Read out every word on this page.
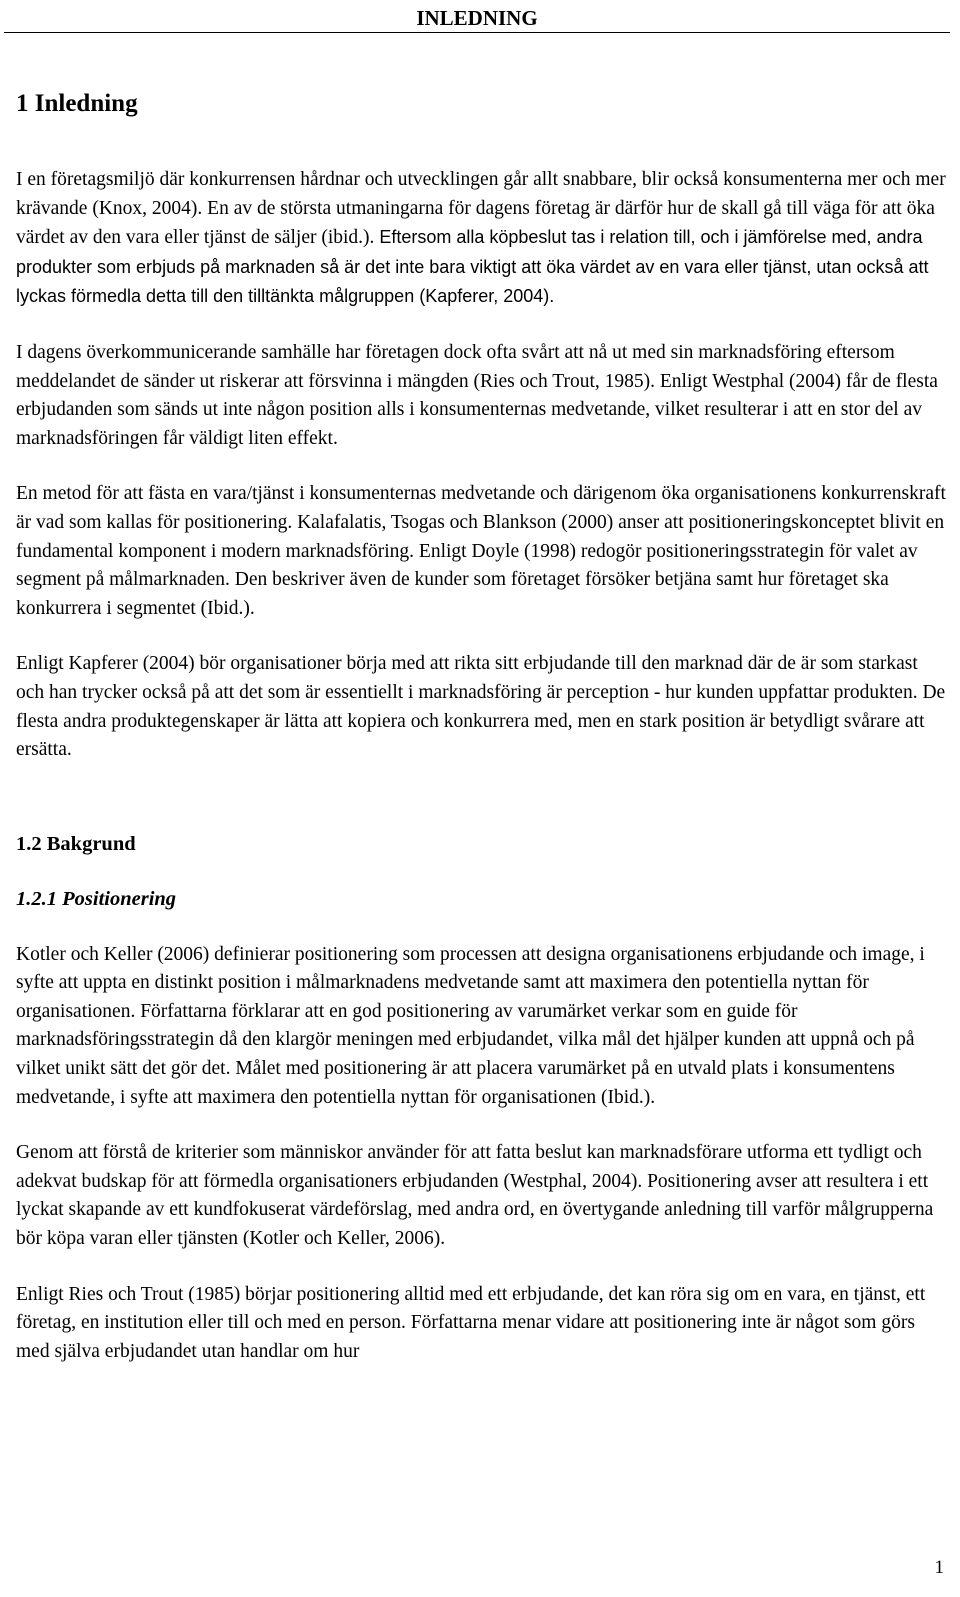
INLEDNING
1 Inledning

I en företagsmiljö där konkurrensen hårdnar och utvecklingen går allt snabbare, blir också konsumenterna mer och mer krävande (Knox, 2004). En av de största utmaningarna för dagens företag är därför hur de skall gå till väga för att öka värdet av den vara eller tjänst de sälјer (ibid.). Eftersom alla köpbeslut tas i relation till, och i jämförelse med, andra produkter som erbjuds på marknaden så är det inte bara viktigt att öka värdet av en vara eller tjänst, utan också att lyckas förmedla detta till den tilltänkta målgruppen (Kapferer, 2004).

I dagens överkommunicerande samhälle har företagen dock ofta svårt att nå ut med sin marknadsföring eftersom meddelandet de sänder ut riskerar att försvinna i mängden (Ries och Trout, 1985). Enligt Westphal (2004) får de flesta erbjudanden som sänds ut inte någon position alls i konsumenternas medvetande, vilket resulterar i att en stor del av marknadsföringen får väldigt liten effekt.

En metod för att fästa en vara/tjänst i konsumenternas medvetande och därigenom öka organisationens konkurrenskraft är vad som kallas för positionering. Kalafalatis, Tsogas och Blankson (2000) anser att positioneringskonceptet blivit en fundamental komponent i modern marknadsföring. Enligt Doyle (1998) redogör positioneringsstrategin för valet av segment på målmarknaden. Den beskriver även de kunder som företaget försöker betjäna samt hur företaget ska konkurrera i segmentet (Ibid.).

Enligt Kapferer (2004) bör organisationer börja med att rikta sitt erbjudande till den marknad där de är som starkast och han trycker också på att det som är essentiellt i marknadsföring är perception - hur kunden uppfattar produkten. De flesta andra produktegenskaper är lätta att kopiera och konkurrera med, men en stark position är betydligt svårare att ersätta.

1.2 Bakgrund
1.2.1 Positionering

Kotler och Keller (2006) definierar positionering som processen att designa organisationens erbjudande och image, i syfte att uppta en distinkt position i målmarknadens medvetande samt att maximera den potentiella nyttan för organisationen. Författarna förklarar att en god positionering av varumärket verkar som en guide för marknadsföringsstrategin då den klargör meningen med erbjudandet, vilka mål det hjälper kunden att uppnå och på vilket unikt sätt det gör det. Målet med positionering är att placera varumärket på en utvald plats i konsumentens medvetande, i syfte att maximera den potentiella nyttan för organisationen (Ibid.).

Genom att förstå de kriterier som människor använder för att fatta beslut kan marknadsförare utforma ett tydligt och adekvat budskap för att förmedla organisationers erbjudanden (Westphal, 2004). Positionering avser att resultera i ett lyckat skapande av ett kundfokuserat värdeförslag, med andra ord, en övertygande anledning till varför målgrupperna bör köpa varan eller tjänsten (Kotler och Keller, 2006).

Enligt Ries och Trout (1985) börjar positionering alltid med ett erbjudande, det kan röra sig om en vara, en tjänst, ett företag, en institution eller till och med en person. Författarna menar vidare att positionering inte är något som görs med själva erbjudandet utan handlar om hur

1
